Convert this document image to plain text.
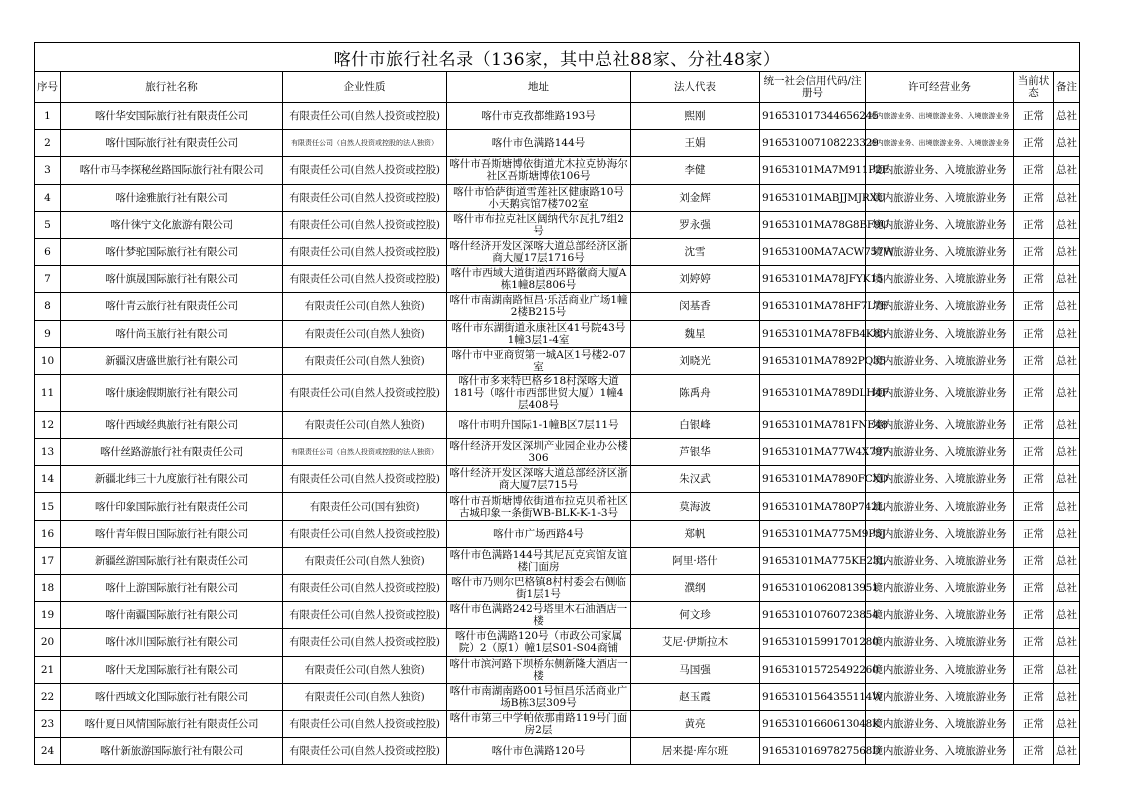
喀什市旅行社名录（136家，其中总社88家、分社48家）								
序号	旅行社名称	企业性质	地址	法人代表	统一社会信用代码/注册号	许可经营业务	当前状态	备注
1	喀什华安国际旅行社有限责任公司	有限责任公司(自然人投资或控股)	喀什市克孜都维路193号	熙刚	916531017344656245	境内旅游业务、出境旅游业务、入境旅游业务	正常	总社
2	喀什国际旅行社有限责任公司	有限责任公司（自然人投资或控股的法人独资）	喀什市色满路144号	王娟	916531007108223329	境内旅游业务、出境旅游业务、入境旅游业务	正常	总社
3	喀什市马李探秘丝路国际旅行社有限公司	有限责任公司(自然人投资或控股)	喀什市吾斯塘博依街道尤木拉克协海尔社区吾斯塘博依106号	李健	91653101MA7M911P2E	境内旅游业务、入境旅游业务	正常	总社
4	喀什途雅旅行社有限公司	有限责任公司(自然人投资或控股)	喀什市恰萨街道雪莲社区健康路10号小天鹅宾馆7楼702室	刘金辉	91653101MABJJMJRXU	境内旅游业务、入境旅游业务	正常	总社
5	喀什徕宁文化旅游有限公司	有限责任公司(自然人投资或控股)	喀什市布拉克社区阔纳代尔瓦扎7组2号	罗永强	91653101MA78G8BF9U	境内旅游业务、入境旅游业务	正常	总社
6	喀什梦驼国际旅行社有限公司	有限责任公司(自然人投资或控股)	喀什经济开发区深喀大道总部经济区浙商大厦17层1716号	沈雪	91653100MA7ACW757W	境内旅游业务、入境旅游业务	正常	总社
7	喀什旗晟国际旅行社有限公司	有限责任公司(自然人投资或控股)	喀什市西域大道街道西环路徽商大厦A栋1幢8层806号	刘婷婷	91653101MA78JFYK15	境内旅游业务、入境旅游业务	正常	总社
8	喀什青云旅行社有限责任公司	有限责任公司(自然人独资)	喀什市南湖南路恒昌·乐活商业广场1幢2楼B215号	闵基香	91653101MA78HF7L7E	境内旅游业务、入境旅游业务	正常	总社
9	喀什尚玉旅行社有限公司	有限责任公司(自然人独资)	喀什市东湖街道永康社区41号院43号1幢3层1-4室	魏星	91653101MA78FB4K83	境内旅游业务、入境旅游业务	正常	总社
10	新疆汉唐盛世旅行社有限公司	有限责任公司(自然人独资)	喀什市中亚商贸第一城A区1号楼2-07室	刘晓光	91653101MA7892PQ35	境内旅游业务、入境旅游业务	正常	总社
11	喀什康途假期旅行社有限公司	有限责任公司(自然人投资或控股)	喀什市多来特巴格乡18村深喀大道181号（喀什市西部世贸大厦）1幢4层408号	陈禹舟	91653101MA789DLH4F	境内旅游业务、入境旅游业务	正常	总社
12	喀什西域经典旅行社有限公司	有限责任公司(自然人独资)	喀什市明升国际1-1幢B区7层11号	白银峰	91653101MA781FNE48	境内旅游业务、入境旅游业务	正常	总社
13	喀什丝路游旅行社有限责任公司	有限责任公司（自然人投资或控股的法人独资）	喀什经济开发区深圳产业园企业办公楼306	芦银华	91653101MA77W4X797	境内旅游业务、入境旅游业务	正常	总社
14	新疆北纬三十九度旅行社有限公司	有限责任公司(自然人投资或控股)	喀什经济开发区深喀大道总部经济区浙商大厦7层715号	朱汉武	91653101MA7890FCXD	境内旅游业务、入境旅游业务	正常	总社
15	喀什印象国际旅行社有限责任公司	有限责任公司(国有独资)	喀什市吾斯塘博依街道布拉克贝希社区古城印象一条街WB-BLK-K-1-3号	莫海波	91653101MA780P742L	境内旅游业务、入境旅游业务	正常	总社
16	喀什青年假日国际旅行社有限公司	有限责任公司(自然人投资或控股)	喀什市广场西路4号	郑帆	91653101MA775M9P5J	境内旅游业务、入境旅游业务	正常	总社
17	新疆丝游国际旅行社有限责任公司	有限责任公司(自然人独资)	喀什市色满路144号其尼瓦克宾馆友谊楼门面房	阿里·塔什	91653101MA775KE23L	境内旅游业务、入境旅游业务	正常	总社
18	喀什上游国际旅行社有限公司	有限责任公司(自然人投资或控股)	喀什市乃则尔巴格镇8村村委会右侧临街1层1号	濮纲	916531010620813951	境内旅游业务、入境旅游业务	正常	总社
19	喀什南疆国际旅行社有限公司	有限责任公司(自然人投资或控股)	喀什市色满路242号塔里木石油酒店一楼	何文珍	916531010760723854	境内旅游业务、入境旅游业务	正常	总社
20	喀什冰川国际旅行社有限公司	有限责任公司(自然人投资或控股)	喀什市色满路120号（市政公司家属院）2（原1）幢1层S01-S04商铺	艾尼·伊斯拉木	916531015991701280	境内旅游业务、入境旅游业务	正常	总社
21	喀什天龙国际旅行社有限公司	有限责任公司(自然人独资)	喀什市滨河路下坝桥东侧新隆大酒店一楼	马国强	916531015725492260	境内旅游业务、入境旅游业务	正常	总社
22	喀什西域文化国际旅行社有限公司	有限责任公司(自然人独资)	喀什市南湖南路001号恒昌乐活商业广场B栋3层309号	赵玉霞	91653101564355114W	境内旅游业务、入境旅游业务	正常	总社
23	喀什夏日风情国际旅行社有限责任公司	有限责任公司(自然人投资或控股)	喀什市第三中学帕依那甫路119号门面房2层	黄亮	91653101660613048K	境内旅游业务、入境旅游业务	正常	总社
24	喀什新旅游国际旅行社有限公司	有限责任公司(自然人投资或控股)	喀什市色满路120号	居来提·库尔班	91653101697827568D	境内旅游业务、入境旅游业务	正常	总社
